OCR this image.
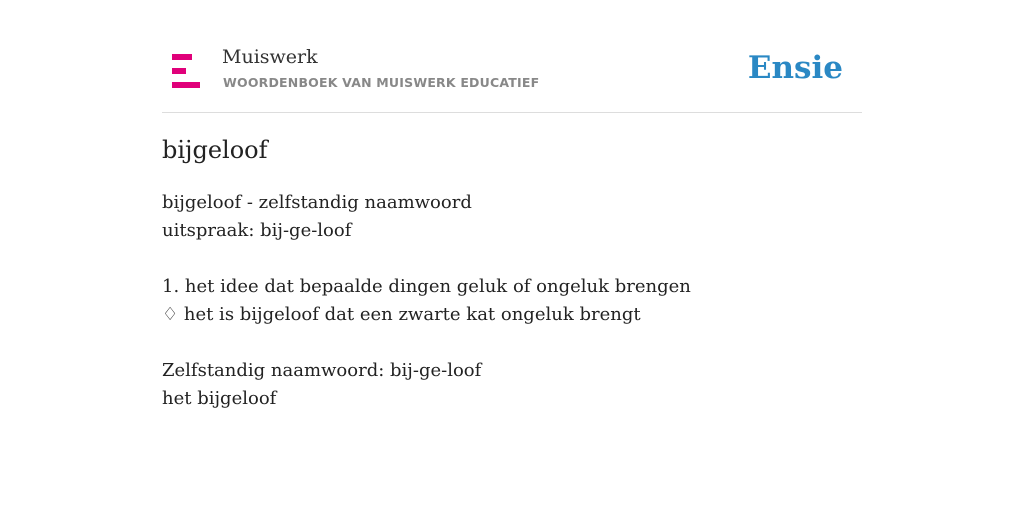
Muiswerk
WOORDENBOEK VAN MUISWERK EDUCATIEF	Ensie
bijgeloof
bijgeloof - zelfstandig naamwoord
uitspraak: bij-ge-loof
1. het idee dat bepaalde dingen geluk of ongeluk brengen
♢ het is bijgeloof dat een zwarte kat ongeluk brengt
Zelfstandig naamwoord: bij-ge-loof
het bijgeloof
